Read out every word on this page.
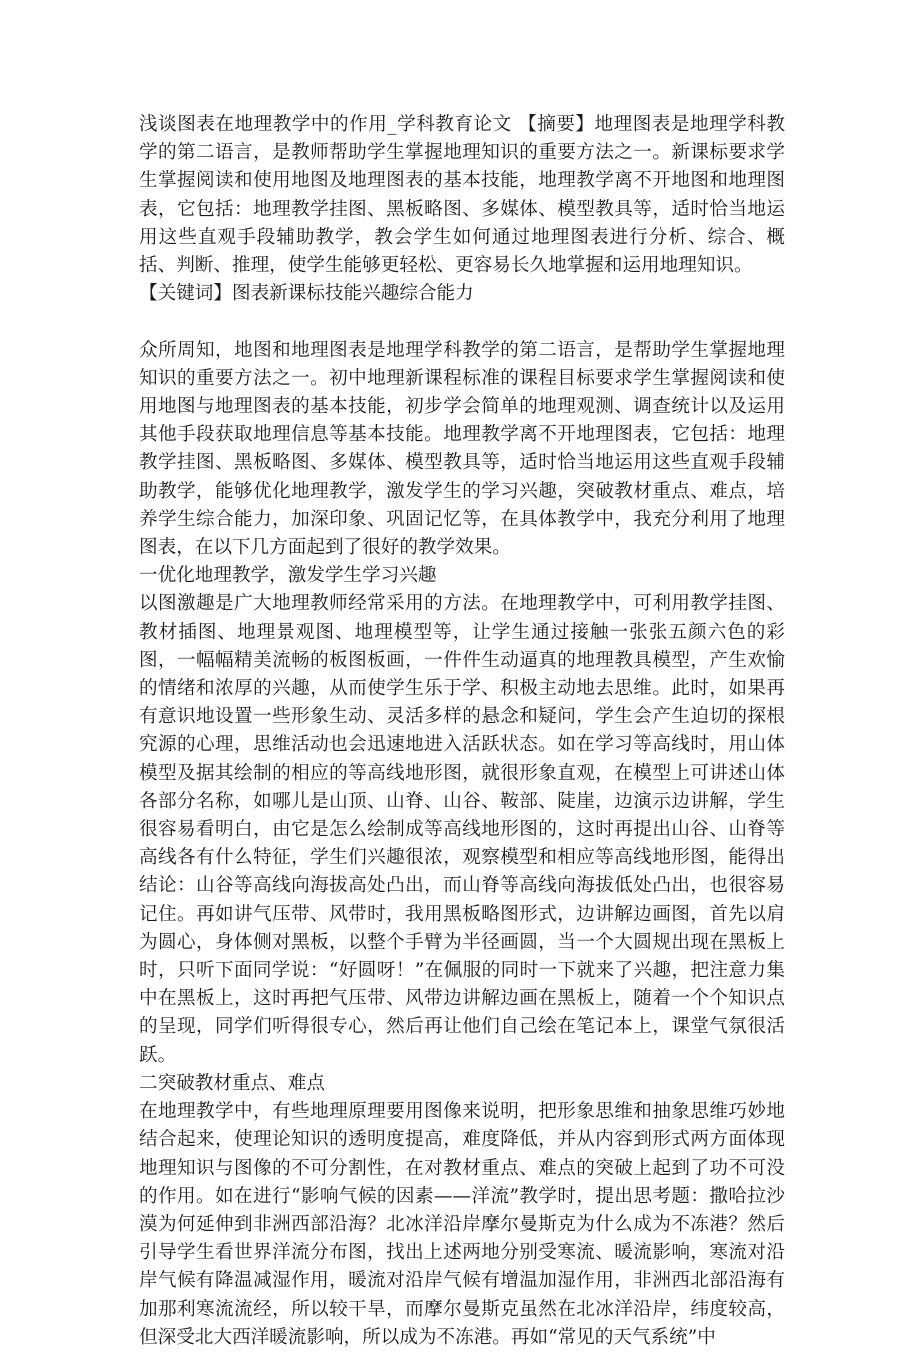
浅谈图表在地理教学中的作用_学科教育论文 【摘要】地理图表是地理学科教学的第二语言，是教师帮助学生掌握地理知识的重要方法之一。新课标要求学生掌握阅读和使用地图及地理图表的基本技能，地理教学离不开地图和地理图表，它包括：地理教学挂图、黑板略图、多媒体、模型教具等，适时恰当地运用这些直观手段辅助教学，教会学生如何通过地理图表进行分析、综合、概括、判断、推理，使学生能够更轻松、更容易长久地掌握和运用地理知识。

【关键词】图表新课标技能兴趣综合能力

众所周知，地图和地理图表是地理学科教学的第二语言，是帮助学生掌握地理知识的重要方法之一。初中地理新课程标准的课程目标要求学生掌握阅读和使用地图与地理图表的基本技能，初步学会简单的地理观测、调查统计以及运用其他手段获取地理信息等基本技能。地理教学离不开地理图表，它包括：地理教学挂图、黑板略图、多媒体、模型教具等，适时恰当地运用这些直观手段辅助教学，能够优化地理教学，激发学生的学习兴趣，突破教材重点、难点，培养学生综合能力，加深印象、巩固记忆等，在具体教学中，我充分利用了地理图表，在以下几方面起到了很好的教学效果。

一优化地理教学，激发学生学习兴趣

以图激趣是广大地理教师经常采用的方法。在地理教学中，可利用教学挂图、教材插图、地理景观图、地理模型等，让学生通过接触一张张五颜六色的彩图，一幅幅精美流畅的板图板画，一件件生动逼真的地理教具模型，产生欢愉的情绪和浓厚的兴趣，从而使学生乐于学、积极主动地去思维。此时，如果再有意识地设置一些形象生动、灵活多样的悬念和疑问，学生会产生迫切的探根究源的心理，思维活动也会迅速地进入活跃状态。如在学习等高线时，用山体模型及据其绘制的相应的等高线地形图，就很形象直观，在模型上可讲述山体各部分名称，如哪儿是山顶、山脊、山谷、鞍部、陡崖，边演示边讲解，学生很容易看明白，由它是怎么绘制成等高线地形图的，这时再提出山谷、山脊等高线各有什么特征，学生们兴趣很浓，观察模型和相应等高线地形图，能得出结论：山谷等高线向海拔高处凸出，而山脊等高线向海拔低处凸出，也很容易记住。再如讲气压带、风带时，我用黑板略图形式，边讲解边画图，首先以肩为圆心，身体侧对黑板，以整个手臂为半径画圆，当一个大圆规出现在黑板上时，只听下面同学说：“好圆呀！”在佩服的同时一下就来了兴趣，把注意力集中在黑板上，这时再把气压带、风带边讲解边画在黑板上，随着一个个知识点的呈现，同学们听得很专心，然后再让他们自己绘在笔记本上，课堂气氛很活跃。

二突破教材重点、难点

在地理教学中，有些地理原理要用图像来说明，把形象思维和抽象思维巧妙地结合起来，使理论知识的透明度提高，难度降低，并从内容到形式两方面体现地理知识与图像的不可分割性，在对教材重点、难点的突破上起到了功不可没的作用。如在进行“影响气候的因素——洋流”教学时，提出思考题：撒哈拉沙漠为何延伸到非洲西部沿海？北冰洋沿岸摩尔曼斯克为什么成为不冻港？然后引导学生看世界洋流分布图，找出上述两地分别受寒流、暖流影响，寒流对沿岸气候有降温减湿作用，暖流对沿岸气候有增温加湿作用，非洲西北部沿海有加那利寒流流经，所以较干旱，而摩尔曼斯克虽然在北冰洋沿岸，纬度较高，但深受北大西洋暖流影响，所以成为不冻港。再如“常见的天气系统”中
